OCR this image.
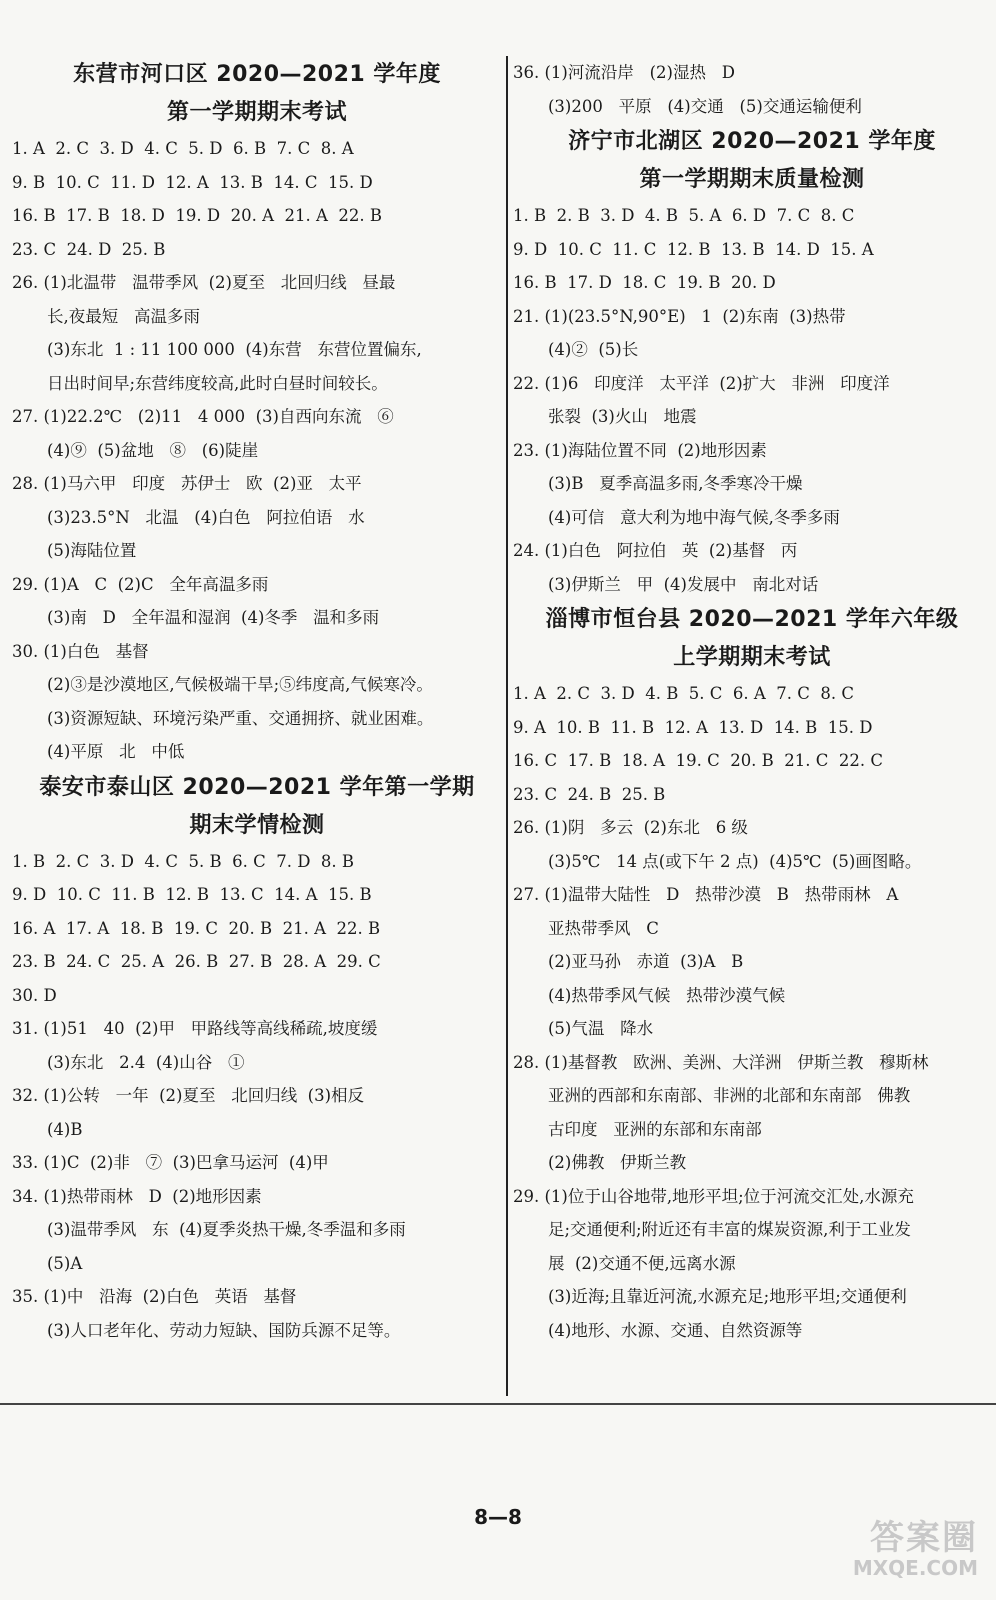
东营市河口区 2020—2021 学年度
第一学期期末考试
1. A  2. C  3. D  4. C  5. D  6. B  7. C  8. A
9. B  10. C  11. D  12. A  13. B  14. C  15. D
16. B  17. B  18. D  19. D  20. A  21. A  22. B
23. C  24. D  25. B
26. (1)北温带   温带季风  (2)夏至   北回归线   昼最
长,夜最短   高温多雨
(3)东北  1 : 11 100 000  (4)东营   东营位置偏东,
日出时间早;东营纬度较高,此时白昼时间较长。
27. (1)22.2℃   (2)11   4 000  (3)自西向东流   ⑥
(4)⑨  (5)盆地   ⑧   (6)陡崖
28. (1)马六甲   印度   苏伊士   欧  (2)亚   太平
(3)23.5°N   北温   (4)白色   阿拉伯语   水
(5)海陆位置
29. (1)A   C  (2)C   全年高温多雨
(3)南   D   全年温和湿润  (4)冬季   温和多雨
30. (1)白色   基督
(2)③是沙漠地区,气候极端干旱;⑤纬度高,气候寒冷。
(3)资源短缺、环境污染严重、交通拥挤、就业困难。
(4)平原   北   中低
泰安市泰山区 2020—2021 学年第一学期
期末学情检测
1. B  2. C  3. D  4. C  5. B  6. C  7. D  8. B
9. D  10. C  11. B  12. B  13. C  14. A  15. B
16. A  17. A  18. B  19. C  20. B  21. A  22. B
23. B  24. C  25. A  26. B  27. B  28. A  29. C
30. D
31. (1)51   40  (2)甲   甲路线等高线稀疏,坡度缓
(3)东北   2.4  (4)山谷   ①
32. (1)公转   一年  (2)夏至   北回归线  (3)相反
(4)B
33. (1)C  (2)非   ⑦  (3)巴拿马运河  (4)甲
34. (1)热带雨林   D  (2)地形因素
(3)温带季风   东  (4)夏季炎热干燥,冬季温和多雨
(5)A
35. (1)中   沿海  (2)白色   英语   基督
(3)人口老年化、劳动力短缺、国防兵源不足等。
36. (1)河流沿岸   (2)湿热   D
(3)200   平原   (4)交通   (5)交通运输便利
济宁市北湖区 2020—2021 学年度
第一学期期末质量检测
1. B  2. B  3. D  4. B  5. A  6. D  7. C  8. C
9. D  10. C  11. C  12. B  13. B  14. D  15. A
16. B  17. D  18. C  19. B  20. D
21. (1)(23.5°N,90°E)   1  (2)东南  (3)热带
(4)②  (5)长
22. (1)6   印度洋   太平洋  (2)扩大   非洲   印度洋
张裂  (3)火山   地震
23. (1)海陆位置不同  (2)地形因素
(3)B   夏季高温多雨,冬季寒冷干燥
(4)可信   意大利为地中海气候,冬季多雨
24. (1)白色   阿拉伯   英  (2)基督   丙
(3)伊斯兰   甲  (4)发展中   南北对话
淄博市恒台县 2020—2021 学年六年级
上学期期末考试
1. A  2. C  3. D  4. B  5. C  6. A  7. C  8. C
9. A  10. B  11. B  12. A  13. D  14. B  15. D
16. C  17. B  18. A  19. C  20. B  21. C  22. C
23. C  24. B  25. B
26. (1)阴   多云  (2)东北   6 级
(3)5℃   14 点(或下午 2 点)  (4)5℃  (5)画图略。
27. (1)温带大陆性   D   热带沙漠   B   热带雨林   A
亚热带季风   C
(2)亚马孙   赤道  (3)A   B
(4)热带季风气候   热带沙漠气候
(5)气温   降水
28. (1)基督教   欧洲、美洲、大洋洲   伊斯兰教   穆斯林
亚洲的西部和东南部、非洲的北部和东南部   佛教
古印度   亚洲的东部和东南部
(2)佛教   伊斯兰教
29. (1)位于山谷地带,地形平坦;位于河流交汇处,水源充
足;交通便利;附近还有丰富的煤炭资源,利于工业发
展  (2)交通不便,远离水源
(3)近海;且靠近河流,水源充足;地形平坦;交通便利
(4)地形、水源、交通、自然资源等
8—8
答案圈
MXQE.COM
